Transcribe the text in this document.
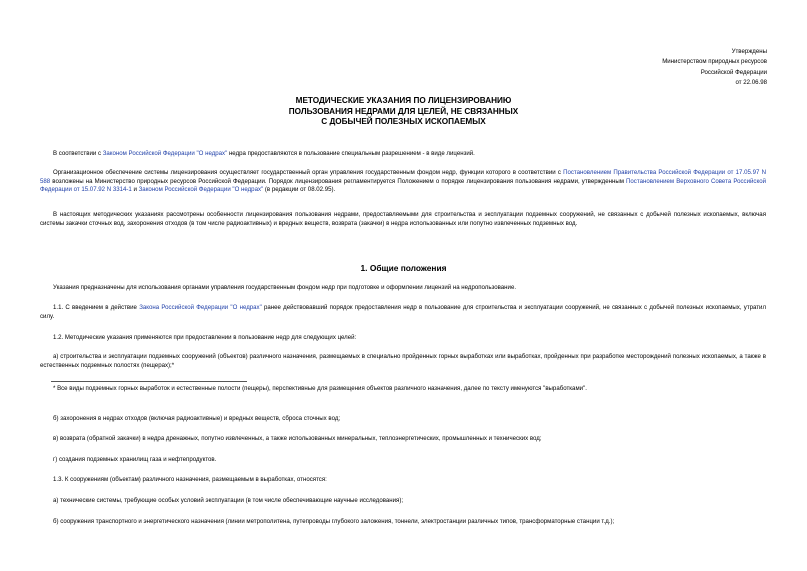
Утверждены
Министерством природных ресурсов
Российской Федерации
от 22.06.98
МЕТОДИЧЕСКИЕ УКАЗАНИЯ ПО ЛИЦЕНЗИРОВАНИЮ
ПОЛЬЗОВАНИЯ НЕДРАМИ ДЛЯ ЦЕЛЕЙ, НЕ СВЯЗАННЫХ
С ДОБЫЧЕЙ ПОЛЕЗНЫХ ИСКОПАЕМЫХ
В соответствии с Законом Российской Федерации "О недрах" недра предоставляются в пользование специальным разрешением - в виде лицензий.
Организационное обеспечение системы лицензирования осуществляет государственный орган управления государственным фондом недр, функции которого в соответствии с Постановлением Правительства Российской Федерации от 17.05.97 N 588 возложены на Министерство природных ресурсов Российской Федерации. Порядок лицензирования регламентируется Положением о порядке лицензирования пользования недрами, утвержденным Постановлением Верховного Совета Российской Федерации от 15.07.92 N 3314-1 и Законом Российской Федерации "О недрах" (в редакции от 08.02.95).
В настоящих методических указаниях рассмотрены особенности лицензирования пользования недрами, предоставляемыми для строительства и эксплуатации подземных сооружений, не связанных с добычей полезных ископаемых, включая системы закачки сточных вод, захоронения отходов (в том числе радиоактивных) и вредных веществ, возврата (закачки) в недра использованных или попутно извлеченных подземных вод.
1. Общие положения
Указания предназначены для использования органами управления государственным фондом недр при подготовке и оформлении лицензий на недропользование.
1.1. С введением в действие Закона Российской Федерации "О недрах" ранее действовавший порядок предоставления недр в пользование для строительства и эксплуатации сооружений, не связанных с добычей полезных ископаемых, утратил силу.
1.2. Методические указания применяются при предоставлении в пользование недр для следующих целей:
а) строительства и эксплуатации подземных сооружений (объектов) различного назначения, размещаемых в специально пройденных горных выработках или выработках, пройденных при разработке месторождений полезных ископаемых, а также в естественных подземных полостях (пещерах);*
* Все виды подземных горных выработок и естественные полости (пещеры), перспективные для размещения объектов различного назначения, далее по тексту именуются "выработками".
б) захоронения в недрах отходов (включая радиоактивные) и вредных веществ, сброса сточных вод;
в) возврата (обратной закачки) в недра дренажных, попутно извлеченных, а также использованных минеральных, теплоэнергетических, промышленных и технических вод;
г) создания подземных хранилищ газа и нефтепродуктов.
1.3. К сооружениям (объектам) различного назначения, размещаемым в выработках, относятся:
а) технические системы, требующие особых условий эксплуатации (в том числе обеспечивающие научные исследования);
б) сооружения транспортного и энергетического назначения (линии метрополитена, путепроводы глубокого заложения, тоннели, электростанции различных типов, трансформаторные станции т.д.);
